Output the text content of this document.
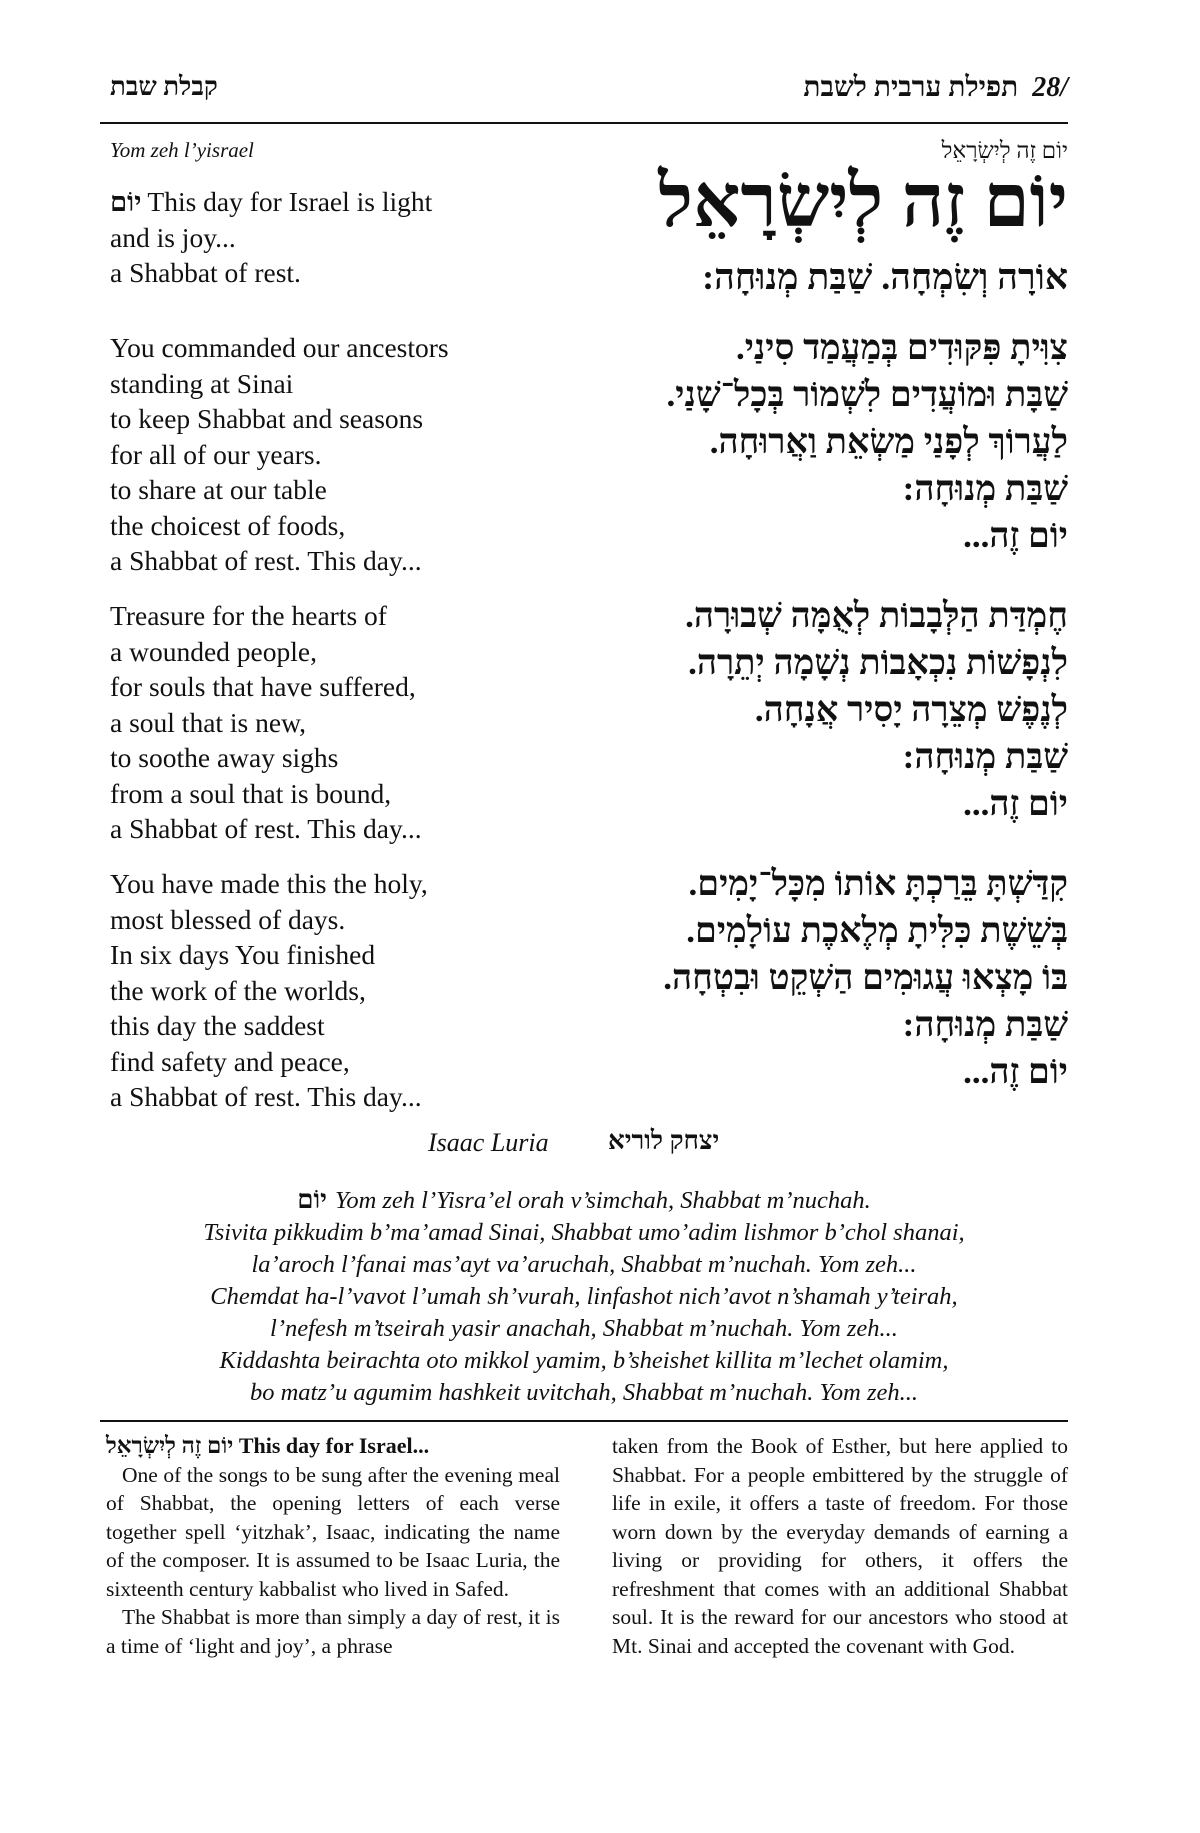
קבלת שבת	תפילת ערבית לשבת 28/
Yom zeh l’yisrael	יוֹם זֶה לְיִשְׂרָאֵל
יוֹם זֶה לְיִשְׂרָאֵל
אוֹרָה וְשִׂמְחָה. שַׁבַּת מְנוּחָה:
יוֹם This day for Israel is light
and is joy...
a Shabbat of rest.
You commanded our ancestors
standing at Sinai
to keep Shabbat and seasons
for all of our years.
to share at our table
the choicest of foods,
a Shabbat of rest. This day...
צִוִּיתָ פִּקּוּדִים בְּמַעֲמַד סִינַי.
שַׁבָּת וּמוֹעֲדִים לִשְׁמוֹר בְּכָל־שָׁנַי.
לַעֲרוֹךְ לְפָנַי מַשְׂאֵת וַאֲרוּחָה.
שַׁבַּת מְנוּחָה:
יוֹם זֶה...
Treasure for the hearts of
a wounded people,
for souls that have suffered,
a soul that is new,
to soothe away sighs
from a soul that is bound,
a Shabbat of rest. This day...
חֶמְדַּת הַלְּבָבוֹת לְאֻמָּה שְׁבוּרָה.
לִנְפָשׁוֹת נִכְאָבוֹת נְשָׁמָה יְתֵרָה.
לְנֶפֶשׁ מְצֵרָה יָסִיר אֲנָחָה.
שַׁבַּת מְנוּחָה:
יוֹם זֶה...
You have made this the holy,
most blessed of days.
In six days You finished
the work of the worlds,
this day the saddest
find safety and peace,
a Shabbat of rest. This day...
קִדַּשְׁתָּ בֵּרַכְתָּ אוֹתוֹ מִכָּל־יָמִים.
בְּשֵׁשֶׁת כִּלִּיתָ מְלֶאכֶת עוֹלָמִים.
בּוֹ מָצְאוּ עֲגוּמִים הַשְׁקֵט וּבִטְחָה.
שַׁבַּת מְנוּחָה:
יוֹם זֶה...
Isaac Luria יצחק לוריא
יוֹם Yom zeh l’Yisra’el orah v’simchah, Shabbat m’nuchah.
Tsivita pikkudim b’ma’amad Sinai, Shabbat umo’adim lishmor b’chol shanai,
la’aroch l’fanai mas’ayt va’aruchah, Shabbat m’nuchah. Yom zeh...
Chemdat ha-l’vavot l’umah sh’vurah, linfashot nich’avot n’shamah y’teirah,
l’nefesh m’tseirah yasir anachah, Shabbat m’nuchah. Yom zeh...
Kiddashta beirachta oto mikkol yamim, b’sheishet killita m’lechet olamim,
bo matz’u agumim hashkeit uvitchah, Shabbat m’nuchah. Yom zeh...
יוֹם זֶה לְיִשְׂרָאֵל This day for Israel...

One of the songs to be sung after the evening meal of Shabbat, the opening letters of each verse together spell ‘yitzhak’, Isaac, indicating the name of the composer. It is assumed to be Isaac Luria, the sixteenth century kabbalist who lived in Safed.

The Shabbat is more than simply a day of rest, it is a time of ‘light and joy’, a phrase

taken from the Book of Esther, but here applied to Shabbat. For a people embittered by the struggle of life in exile, it offers a taste of freedom. For those worn down by the everyday demands of earning a living or providing for others, it offers the refreshment that comes with an additional Shabbat soul. It is the reward for our ancestors who stood at Mt. Sinai and accepted the covenant with God.
